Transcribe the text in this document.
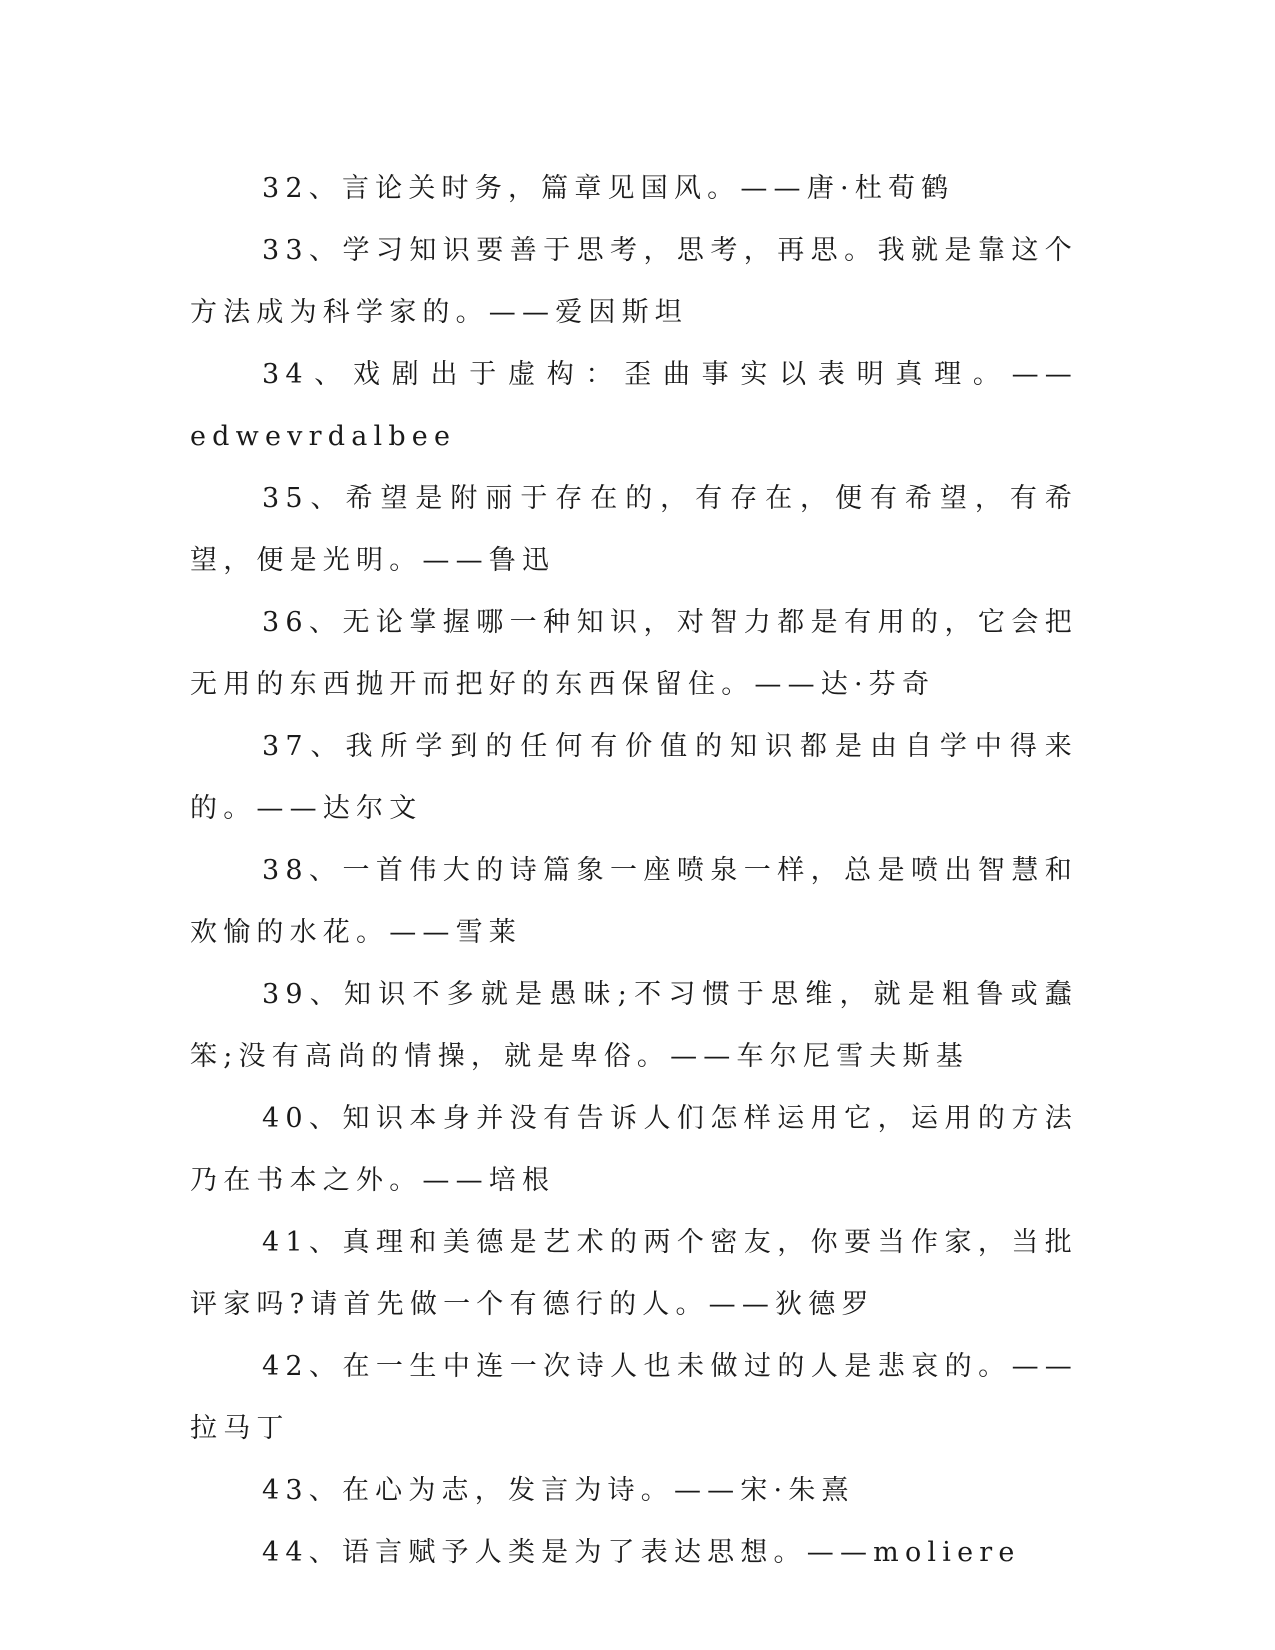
32、言论关时务，篇章见国风。——唐·杜荀鹤

33、学习知识要善于思考，思考，再思。我就是靠这个方法成为科学家的。——爱因斯坦

34、戏剧出于虚构：歪曲事实以表明真理。——edwevrdalbee

35、希望是附丽于存在的，有存在，便有希望，有希望，便是光明。——鲁迅

36、无论掌握哪一种知识，对智力都是有用的，它会把无用的东西抛开而把好的东西保留住。——达·芬奇

37、我所学到的任何有价值的知识都是由自学中得来的。——达尔文

38、一首伟大的诗篇象一座喷泉一样，总是喷出智慧和欢愉的水花。——雪莱

39、知识不多就是愚昧;不习惯于思维，就是粗鲁或蠢笨;没有高尚的情操，就是卑俗。——车尔尼雪夫斯基

40、知识本身并没有告诉人们怎样运用它，运用的方法乃在书本之外。——培根

41、真理和美德是艺术的两个密友，你要当作家，当批评家吗?请首先做一个有德行的人。——狄德罗

42、在一生中连一次诗人也未做过的人是悲哀的。——拉马丁

43、在心为志，发言为诗。——宋·朱熹

44、语言赋予人类是为了表达思想。——moliere
